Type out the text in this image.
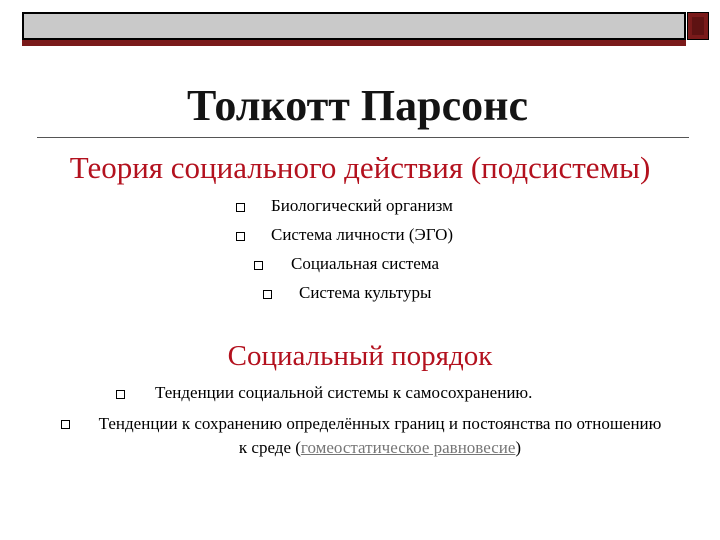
Толкотт Парсонс
Теория социального действия (подсистемы)
Биологический организм
Система личности (ЭГО)
Социальная система
Система культуры
Социальный порядок
Тенденции социальной системы к самосохранению.
Тенденции к сохранению определённых границ и постоянства по отношению к среде (гомеостатическое равновесие)
